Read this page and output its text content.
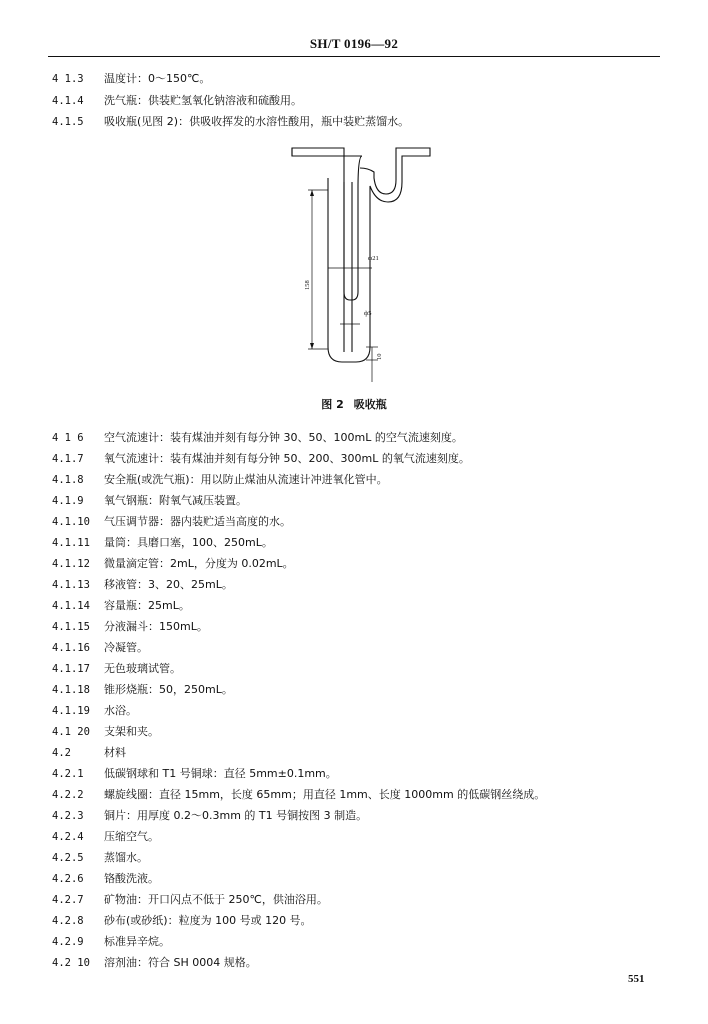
SH/T 0196—92
4 1.3 温度计：0～150℃。
4.1.4 洗气瓶：供装贮氢氧化钠溶液和硫酸用。
4.1.5 吸收瓶(见图 2)：供吸收挥发的水溶性酸用，瓶中装贮蒸馏水。
ф21
ф5
158
10
图 2 吸收瓶
4 1 6 空气流速计：装有煤油并刻有每分钟 30、50、100mL 的空气流速刻度。
4.1.7 氧气流速计：装有煤油并刻有每分钟 50、200、300mL 的氧气流速刻度。
4.1.8 安全瓶(或洗气瓶)：用以防止煤油从流速计冲进氧化管中。
4.1.9 氧气钢瓶：附氧气减压装置。
4.1.10 气压调节器：器内装贮适当高度的水。
4.1.11 量筒：具磨口塞，100、250mL。
4.1.12 微量滴定管：2mL，分度为 0.02mL。
4.1.13 移液管：3、20、25mL。
4.1.14 容量瓶：25mL。
4.1.15 分液漏斗：150mL。
4.1.16 冷凝管。
4.1.17 无色玻璃试管。
4.1.18 锥形烧瓶：50，250mL。
4.1.19 水浴。
4.1 20 支架和夹。
4.2	材料
4.2.1 低碳钢球和 T1 号铜球：直径 5mm±0.1mm。
4.2.2 螺旋线圈：直径 15mm，长度 65mm；用直径 1mm、长度 1000mm 的低碳钢丝绕成。
4.2.3 铜片：用厚度 0.2～0.3mm 的 T1 号铜按图 3 制造。
4.2.4 压缩空气。
4.2.5 蒸馏水。
4.2.6 铬酸洗液。
4.2.7 矿物油：开口闪点不低于 250℃，供油浴用。
4.2.8 砂布(或砂纸)：粒度为 100 号或 120 号。
4.2.9 标准异辛烷。
4.2 10 溶剂油：符合 SH 0004 规格。
551
